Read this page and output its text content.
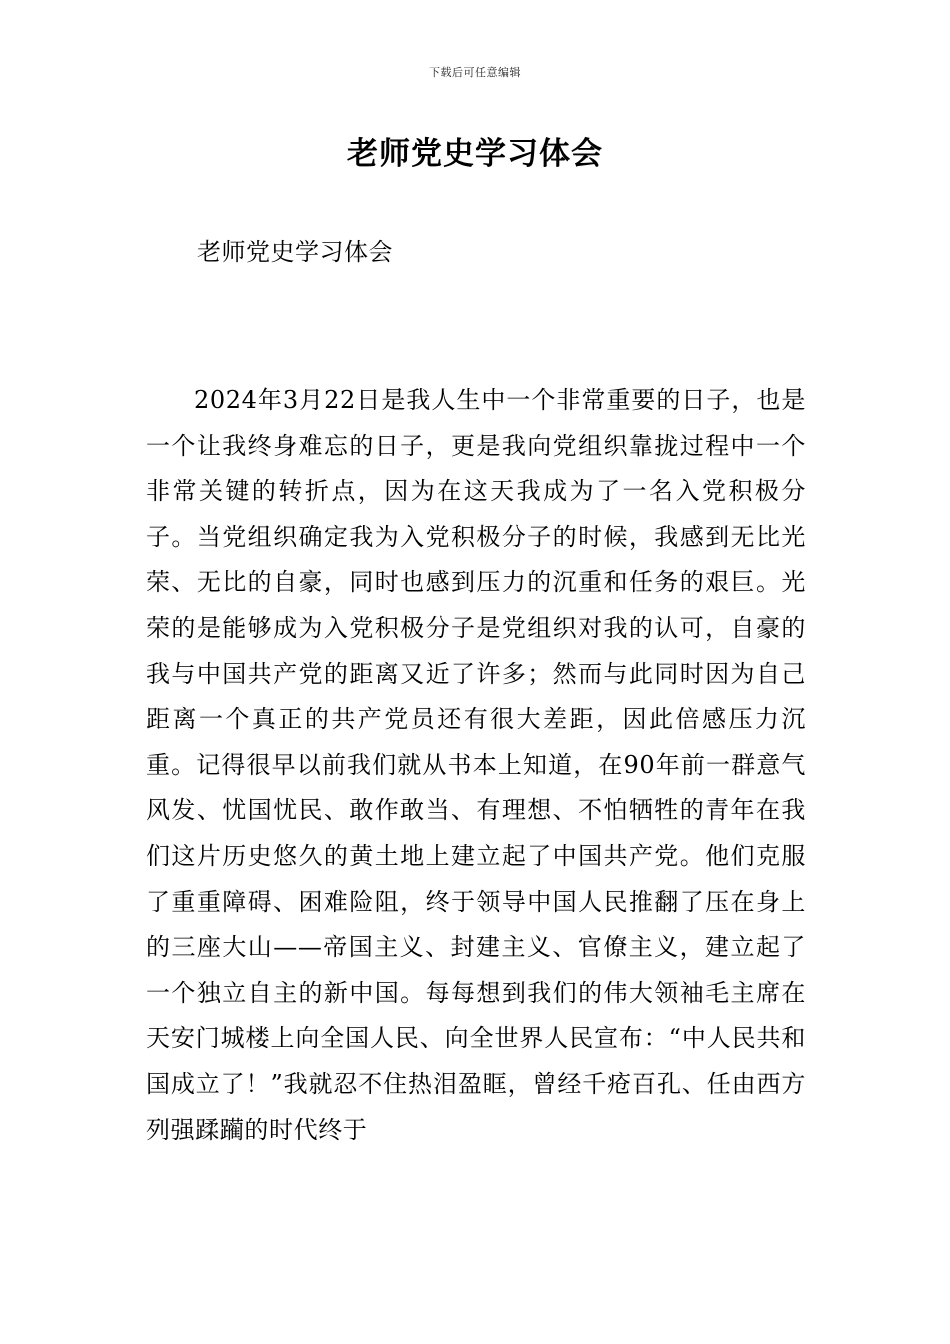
下载后可任意编辑
老师党史学习体会
老师党史学习体会

2024年3月22日是我人生中一个非常重要的日子，也是一个让我终身难忘的日子，更是我向党组织靠拢过程中一个非常关键的转折点，因为在这天我成为了一名入党积极分子。当党组织确定我为入党积极分子的时候，我感到无比光荣、无比的自豪，同时也感到压力的沉重和任务的艰巨。光荣的是能够成为入党积极分子是党组织对我的认可，自豪的我与中国共产党的距离又近了许多；然而与此同时因为自己距离一个真正的共产党员还有很大差距，因此倍感压力沉重。记得很早以前我们就从书本上知道，在90年前一群意气风发、忧国忧民、敢作敢当、有理想、不怕牺牲的青年在我们这片历史悠久的黄土地上建立起了中国共产党。他们克服了重重障碍、困难险阻，终于领导中国人民推翻了压在身上的三座大山——帝国主义、封建主义、官僚主义，建立起了一个独立自主的新中国。每每想到我们的伟大领袖毛主席在天安门城楼上向全国人民、向全世界人民宣布：“中人民共和国成立了！”我就忍不住热泪盈眶，曾经千疮百孔、任由西方列强蹂躏的时代终于
